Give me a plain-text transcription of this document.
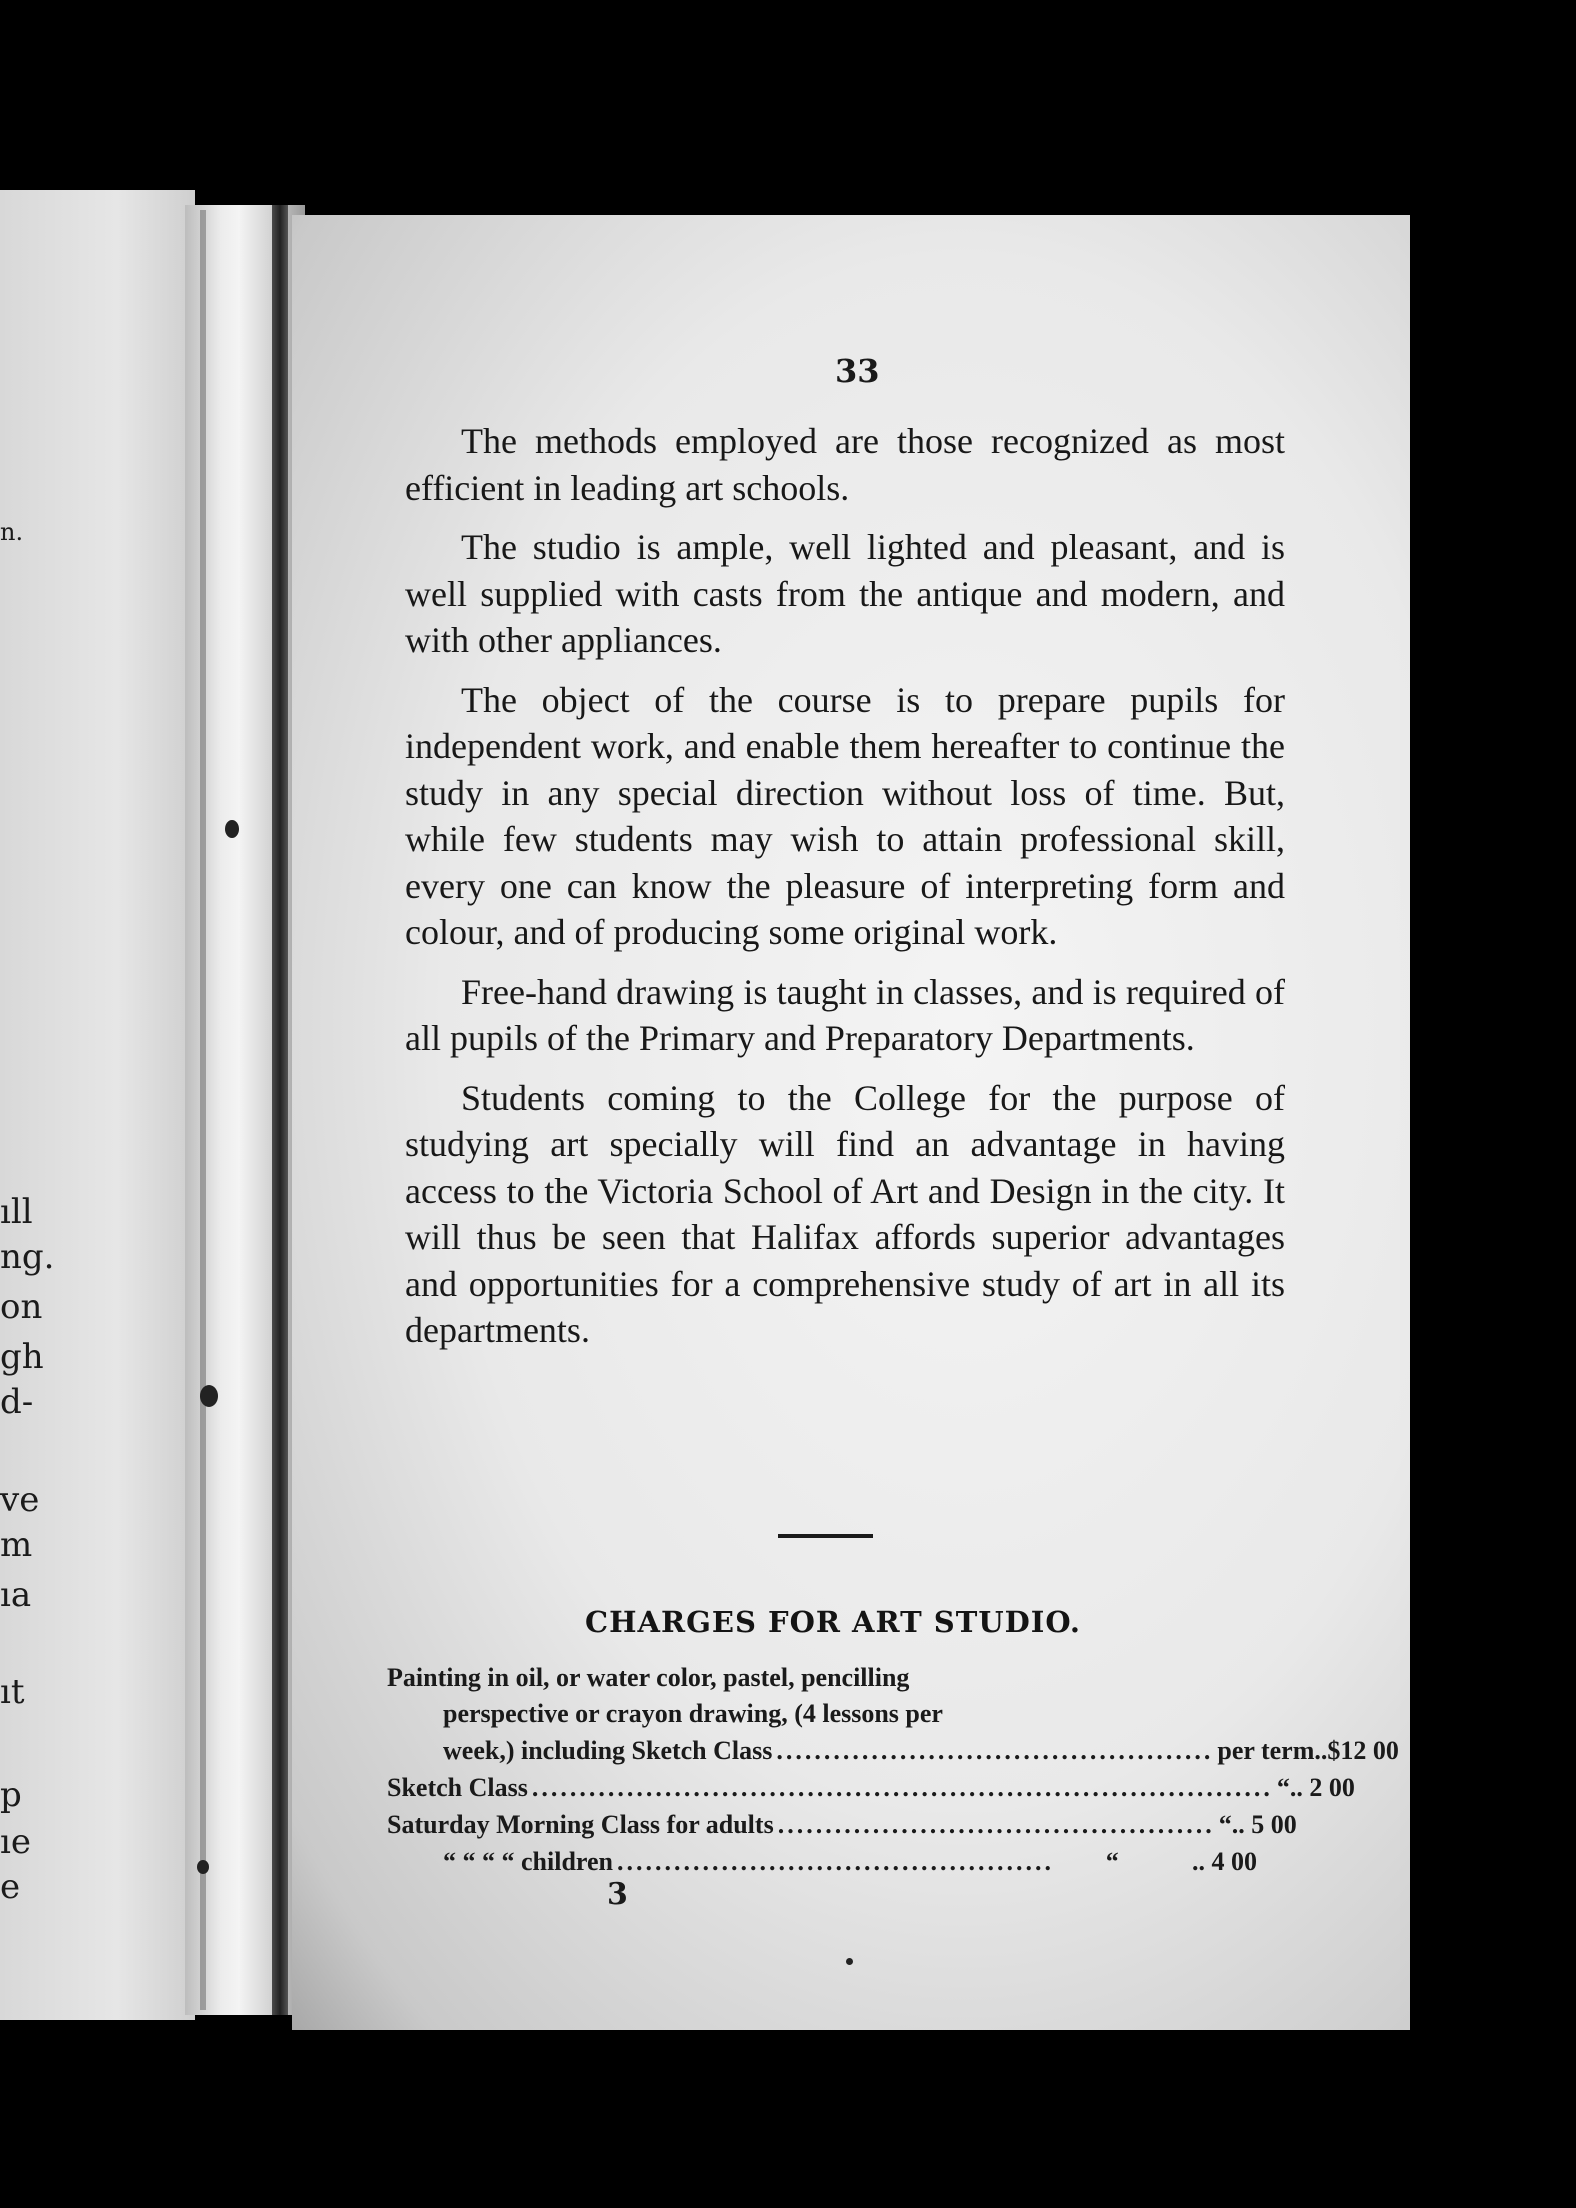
n.
ıll
ng.
on
gh
d-
ve
m
ıa
ıt
p
ıe
e
33

The methods employed are those recognized as most efficient in leading art schools.

The studio is ample, well lighted and pleasant, and is well supplied with casts from the antique and modern, and with other appliances.

The object of the course is to prepare pupils for independent work, and enable them hereafter to continue the study in any special direction without loss of time. But, while few students may wish to attain professional skill, every one can know the pleasure of interpreting form and colour, and of producing some original work.

Free-hand drawing is taught in classes, and is required of all pupils of the Primary and Preparatory Departments.

Students coming to the College for the purpose of studying art specially will find an advantage in having access to the Victoria School of Art and Design in the city. It will thus be seen that Halifax affords superior advantages and opportunities for a comprehensive study of art in all its departments.

CHARGES FOR ART STUDIO.
Painting in oil, or water color, pastel, pencilling
perspective or crayon drawing, (4 lessons per
week,) including Sketch Class .............................................. per term ..$12 00
Sketch Class .............................................................................. “ .. 2 00
Saturday Morning Class for adults .............................................. “ .. 5 00
“ “ “ “ children ..............................................	“	.. 4 00
3
